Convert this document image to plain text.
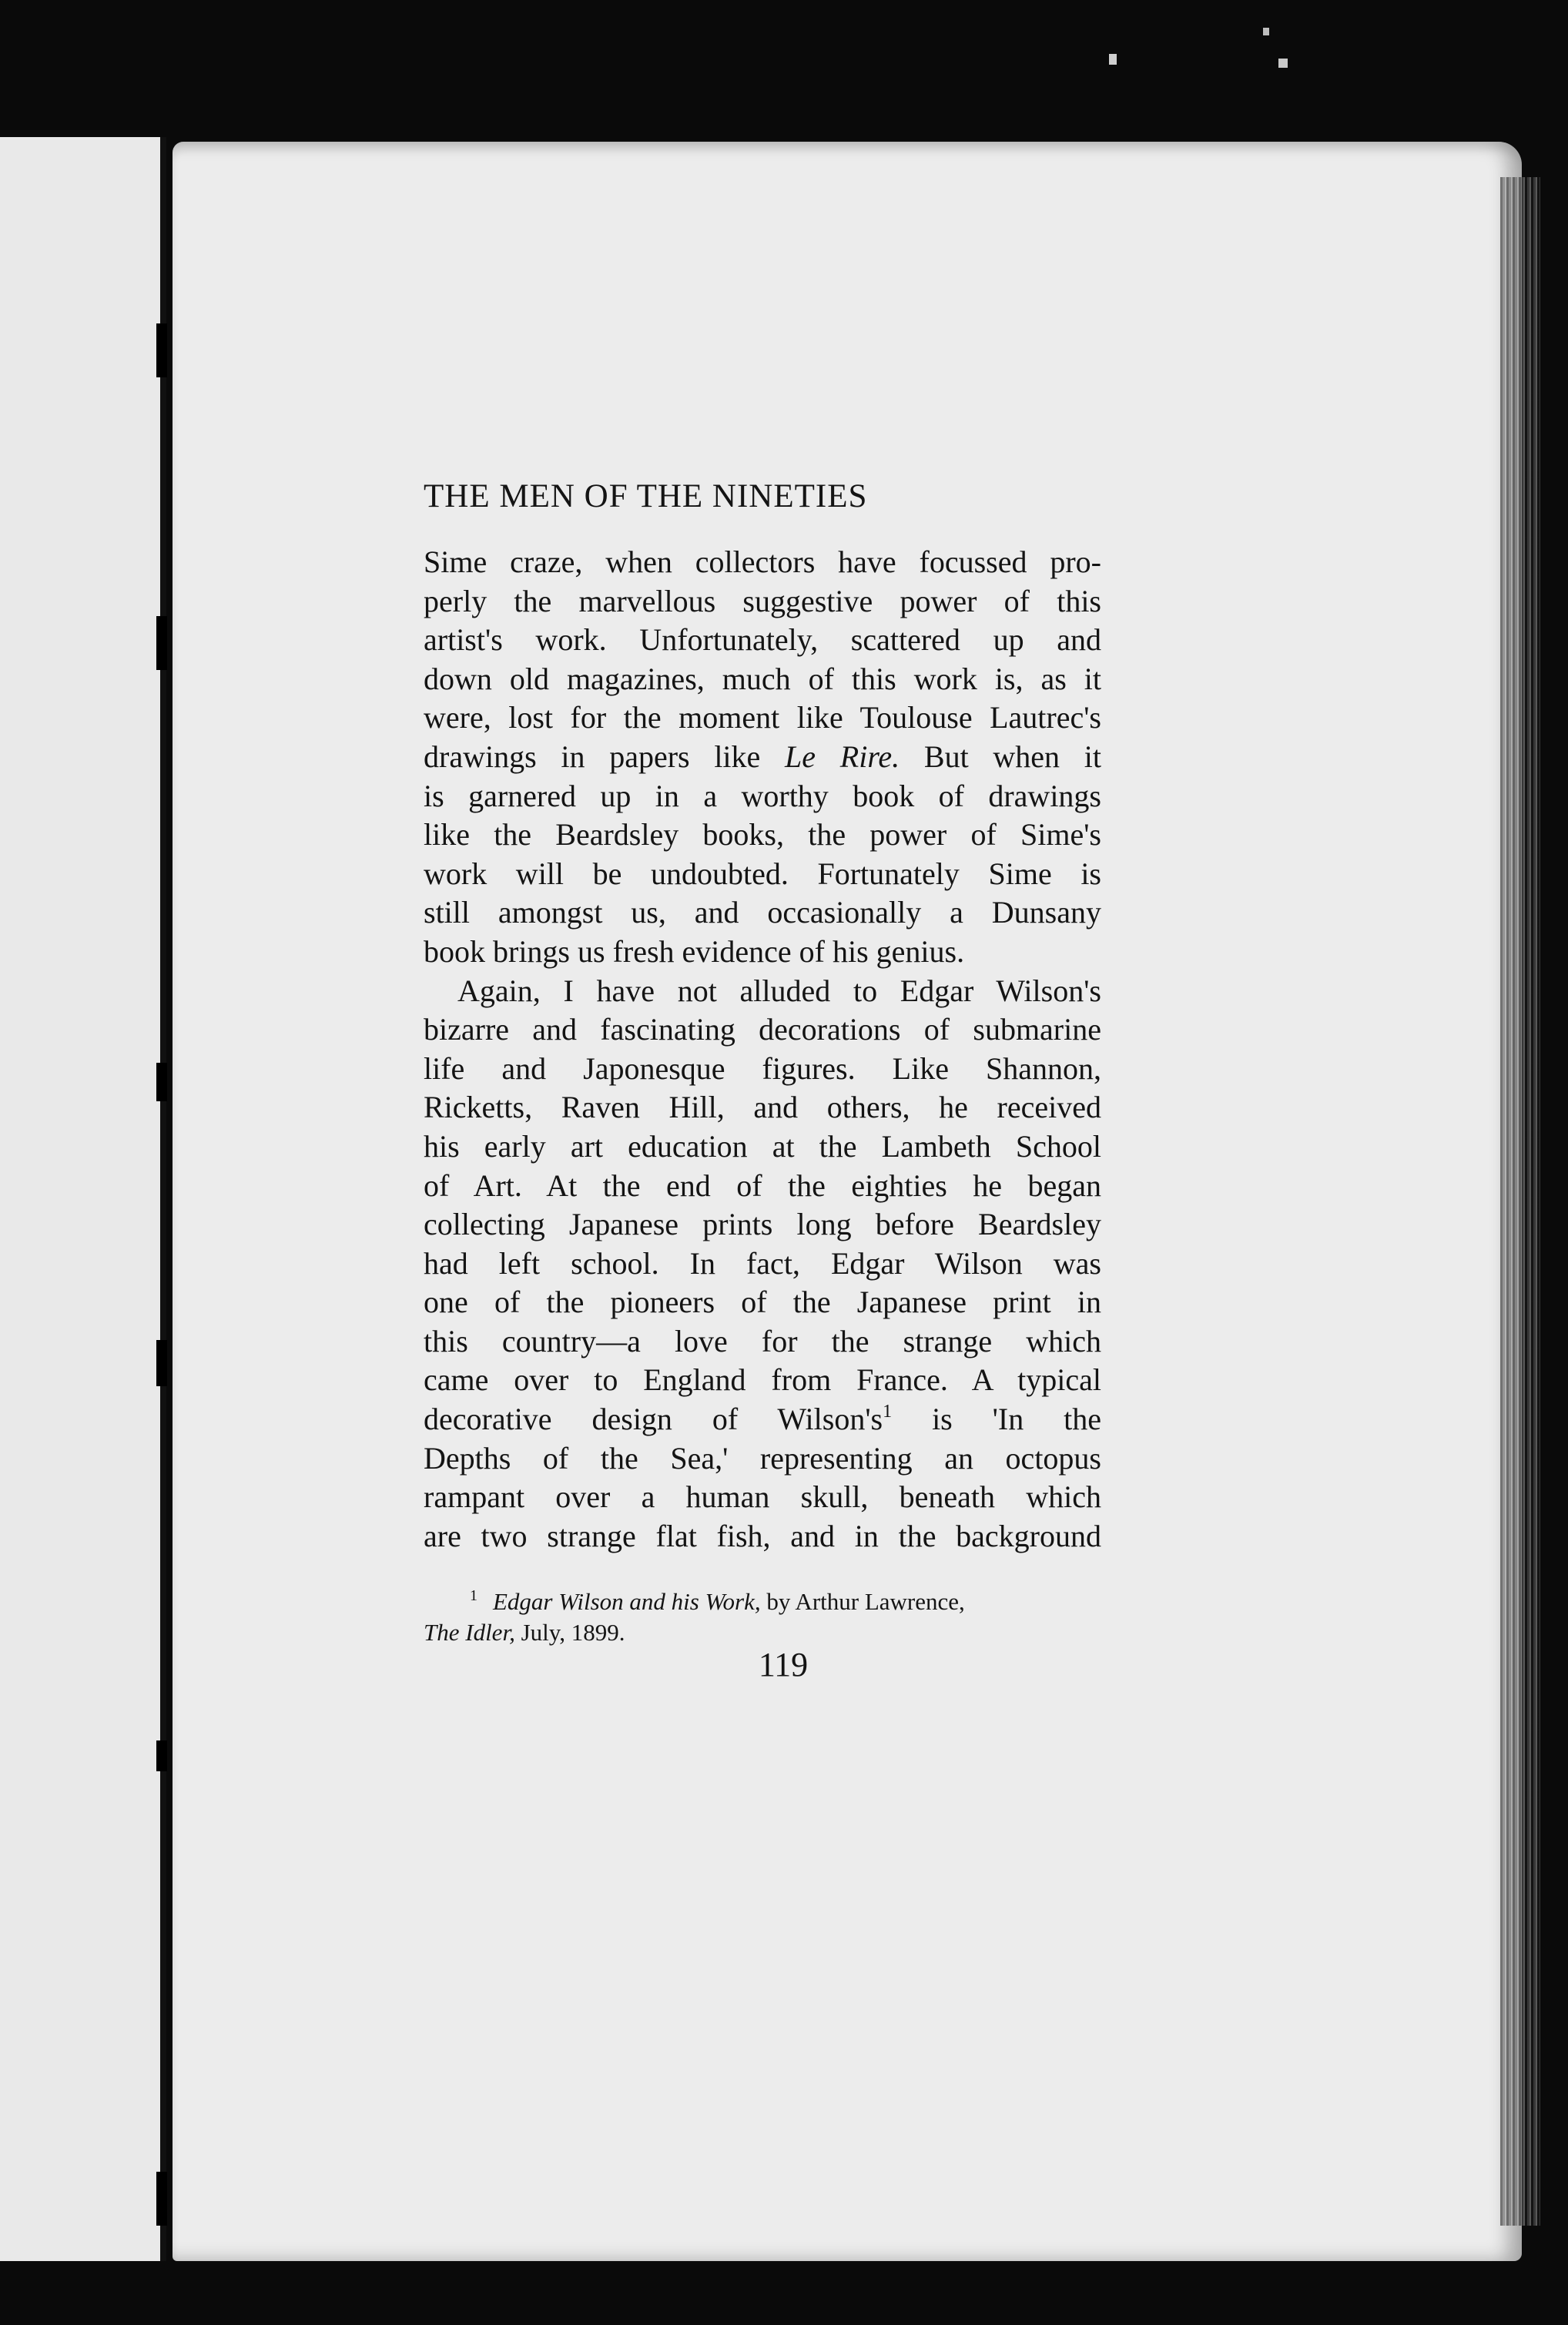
THE MEN OF THE NINETIES
Sime craze, when collectors have focussed pro-
perly the marvellous suggestive power of this
artist's work. Unfortunately, scattered up and
down old magazines, much of this work is, as it
were, lost for the moment like Toulouse Lautrec's
drawings in papers like Le Rire. But when it
is garnered up in a worthy book of drawings
like the Beardsley books, the power of Sime's
work will be undoubted. Fortunately Sime is
still amongst us, and occasionally a Dunsany
book brings us fresh evidence of his genius.
Again, I have not alluded to Edgar Wilson's
bizarre and fascinating decorations of submarine
life and Japonesque figures. Like Shannon,
Ricketts, Raven Hill, and others, he received
his early art education at the Lambeth School
of Art. At the end of the eighties he began
collecting Japanese prints long before Beardsley
had left school. In fact, Edgar Wilson was
one of the pioneers of the Japanese print in
this country—a love for the strange which
came over to England from France. A typical
decorative design of $Wilson's^1$ is 'In the
Depths of the Sea,' representing an octopus
rampant over a human skull, beneath which
are two strange flat fish, and in the background
$^1$ Edgar Wilson and his Work, by Arthur Lawrence,
The Idler, July, 1899.
119
